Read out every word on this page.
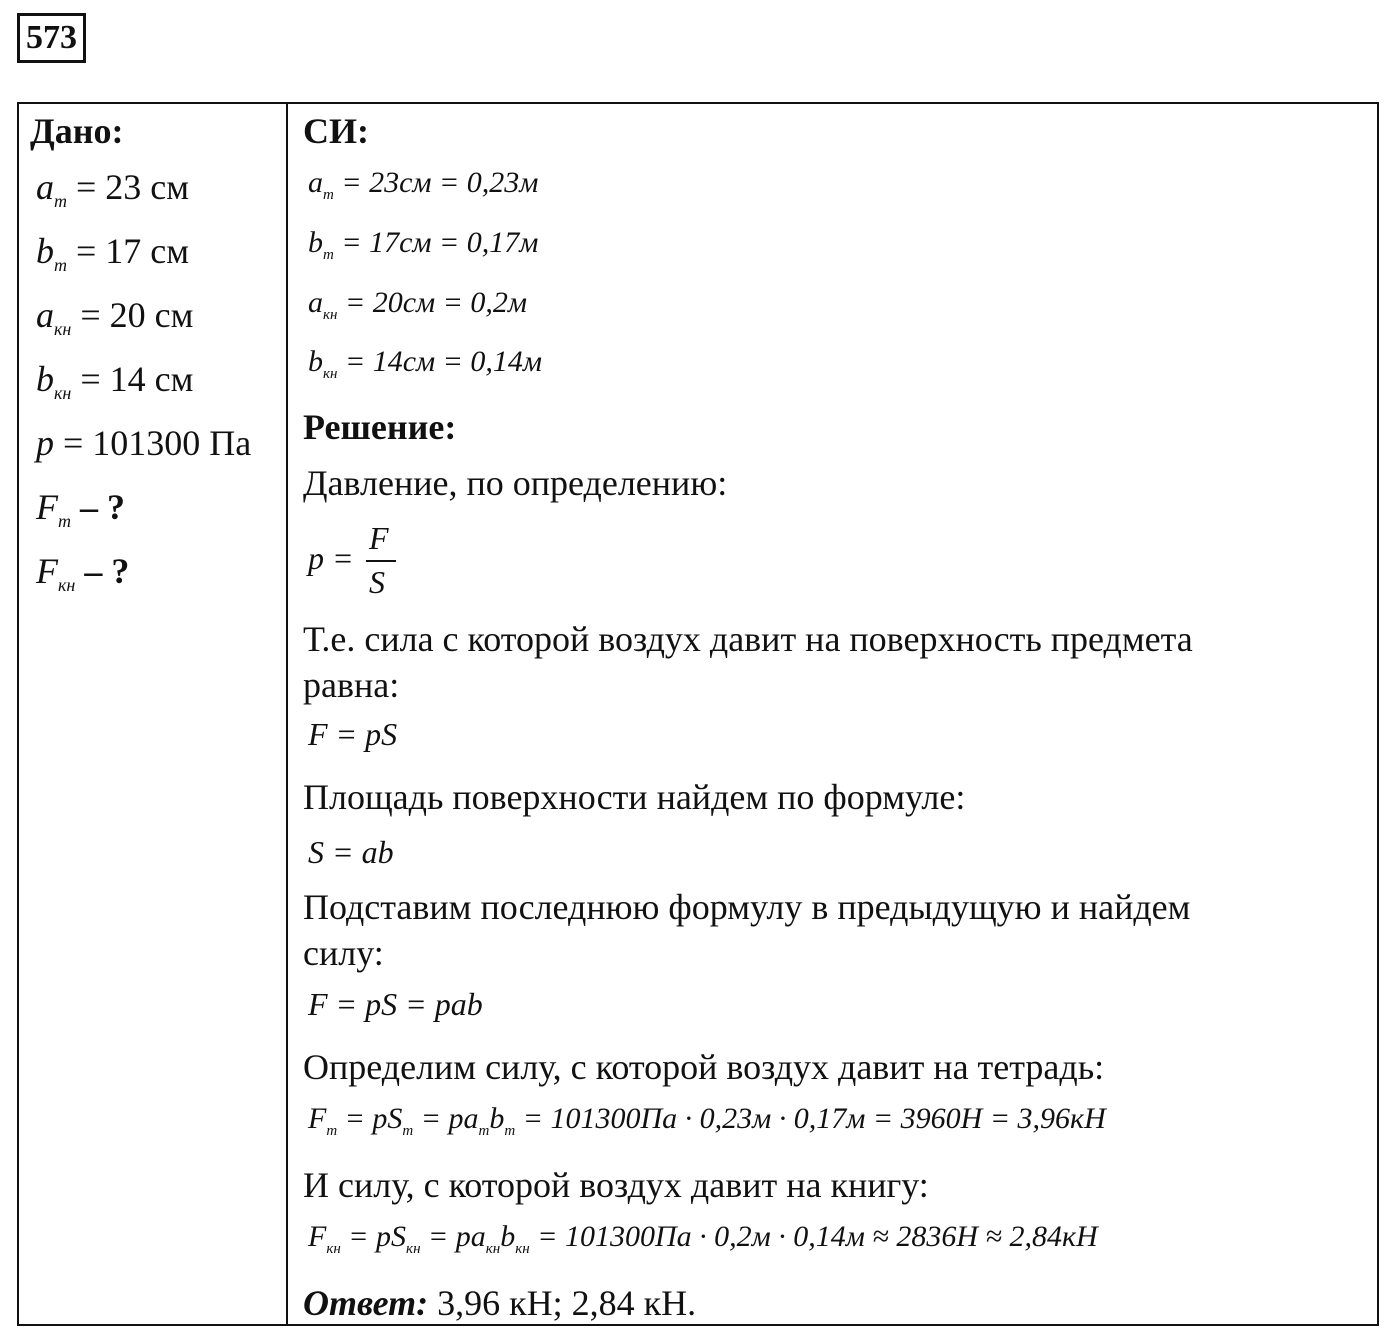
573
Дано:
$a_т = 23$ см
$b_т = 17$ см
$a_{кн} = 20$ см
$b_{кн} = 14$ см
p = 101300 Па
$F_т$ – ?
$F_{кн}$ – ?
СИ:
$a_т = 23см = 0,23м$
$b_т = 17см = 0,17м$
$a_{кн} = 20см = 0,2м$
$b_{кн} = 14см = 0,14м$
Решение:
Давление, по определению:
p =
F
S
Т.е. сила с которой воздух давит на поверхность предмета
равна:
F = pS
Площадь поверхности найдем по формуле:
S = ab
Подставим последнюю формулу в предыдущую и найдем
силу:
F = pS = pab
Определим силу, с которой воздух давит на тетрадь:
$F_т = pS_т = pa_тb_т = 101300Па \cdot 0,23м \cdot 0,17м = 3960Н = 3,96кН$
И силу, с которой воздух давит на книгу:
$F_{кн} = pS_{кн} = pa_{кн}b_{кн} = 101300Па \cdot 0,2м \cdot 0,14м \approx 2836Н \approx 2,84кН$
Ответ: 3,96 кН; 2,84 кН.
